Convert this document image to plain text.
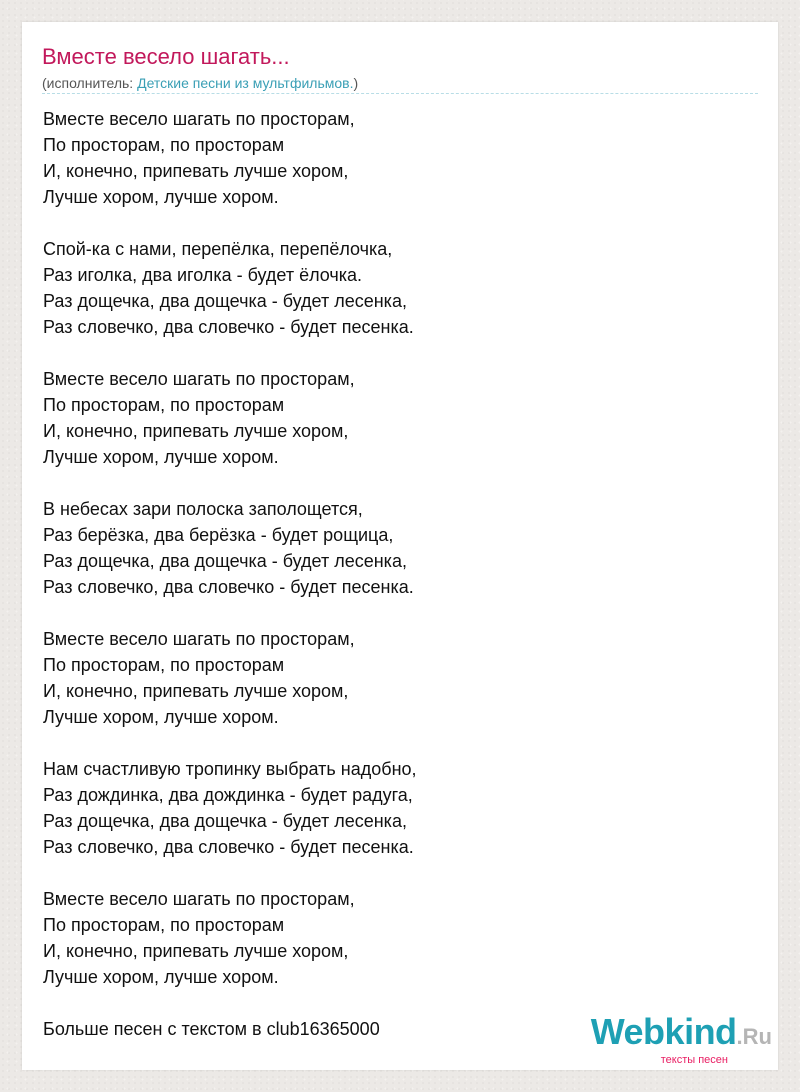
Вместе весело шагать...
(исполнитель: Детские песни из мультфильмов.)
Вместе весело шагать по просторам,
По просторам, по просторам
И, конечно, припевать лучше хором,
Лучше хором, лучше хором.
Спой-ка с нами, перепёлка, перепёлочка,
Раз иголка, два иголка - будет ёлочка.
Раз дощечка, два дощечка - будет лесенка,
Раз словечко, два словечко - будет песенка.
Вместе весело шагать по просторам,
По просторам, по просторам
И, конечно, припевать лучше хором,
Лучше хором, лучше хором.
В небесах зари полоска заполощется,
Раз берёзка, два берёзка - будет рощица,
Раз дощечка, два дощечка - будет лесенка,
Раз словечко, два словечко - будет песенка.
Вместе весело шагать по просторам,
По просторам, по просторам
И, конечно, припевать лучше хором,
Лучше хором, лучше хором.
Нам счастливую тропинку выбрать надобно,
Раз дождинка, два дождинка - будет радуга,
Раз дощечка, два дощечка - будет лесенка,
Раз словечко, два словечко - будет песенка.
Вместе весело шагать по просторам,
По просторам, по просторам
И, конечно, припевать лучше хором,
Лучше хором, лучше хором.
Больше песен с текстом в club16365000	Webkind.Ru
тексты песен
